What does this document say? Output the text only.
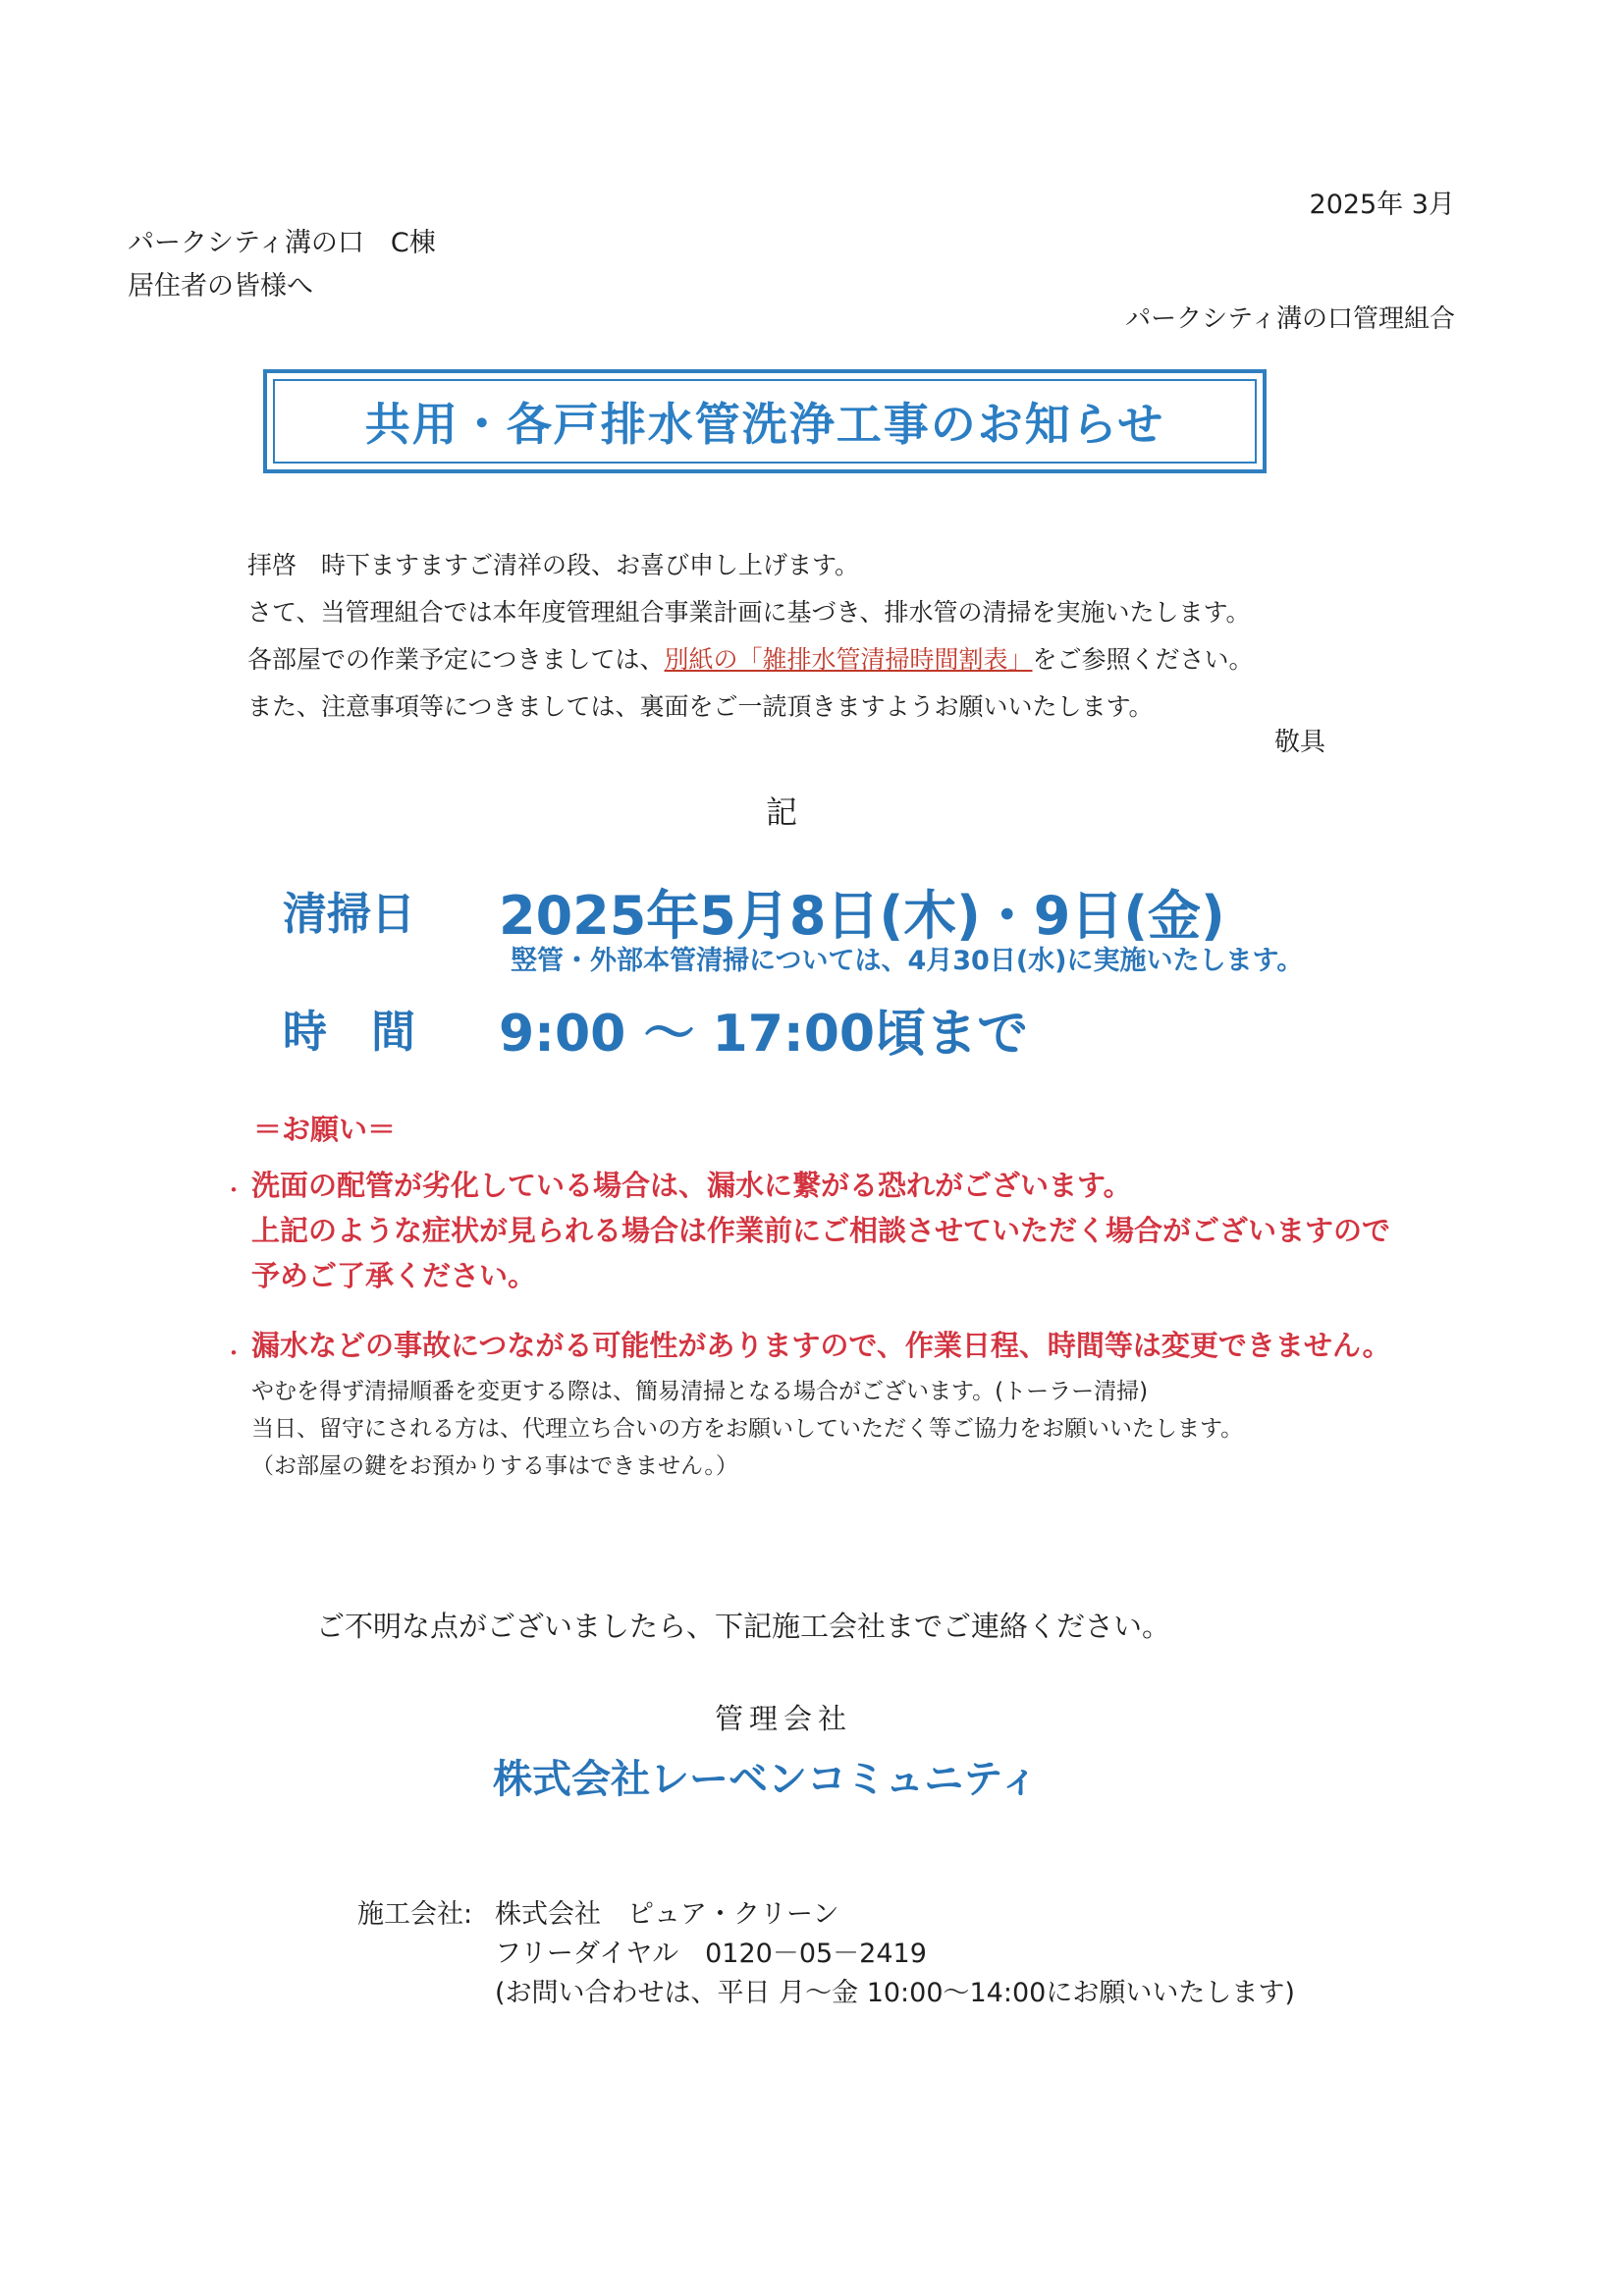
2025年 3月
パークシティ溝の口　C棟
居住者の皆様へ
パークシティ溝の口管理組合
共用・各戸排水管洗浄工事のお知らせ
拝啓　時下ますますご清祥の段、お喜び申し上げます。
さて、当管理組合では本年度管理組合事業計画に基づき、排水管の清掃を実施いたします。
各部屋での作業予定につきましては、別紙の「雑排水管清掃時間割表」をご参照ください。
また、注意事項等につきましては、裏面をご一読頂きますようお願いいたします。
敬具
記
清掃日 2025年5月8日(木)・9日(金)
竪管・外部本管清掃については、4月30日(水)に実施いたします。
時　間 9:00 ～ 17:00頃まで
＝お願い＝
・ 洗面の配管が劣化している場合は、漏水に繋がる恐れがございます。
上記のような症状が見られる場合は作業前にご相談させていただく場合がございますので
予めご了承ください。
・ 漏水などの事故につながる可能性がありますので、作業日程、時間等は変更できません。
やむを得ず清掃順番を変更する際は、簡易清掃となる場合がございます。(トーラー清掃)
当日、留守にされる方は、代理立ち合いの方をお願いしていただく等ご協力をお願いいたします。
（お部屋の鍵をお預かりする事はできません。）
ご不明な点がございましたら、下記施工会社までご連絡ください。
管理会社
株式会社レーベンコミュニティ
施工会社: 株式会社　ピュア・クリーン
フリーダイヤル　0120－05－2419
(お問い合わせは、平日 月～金 10:00～14:00にお願いいたします)
